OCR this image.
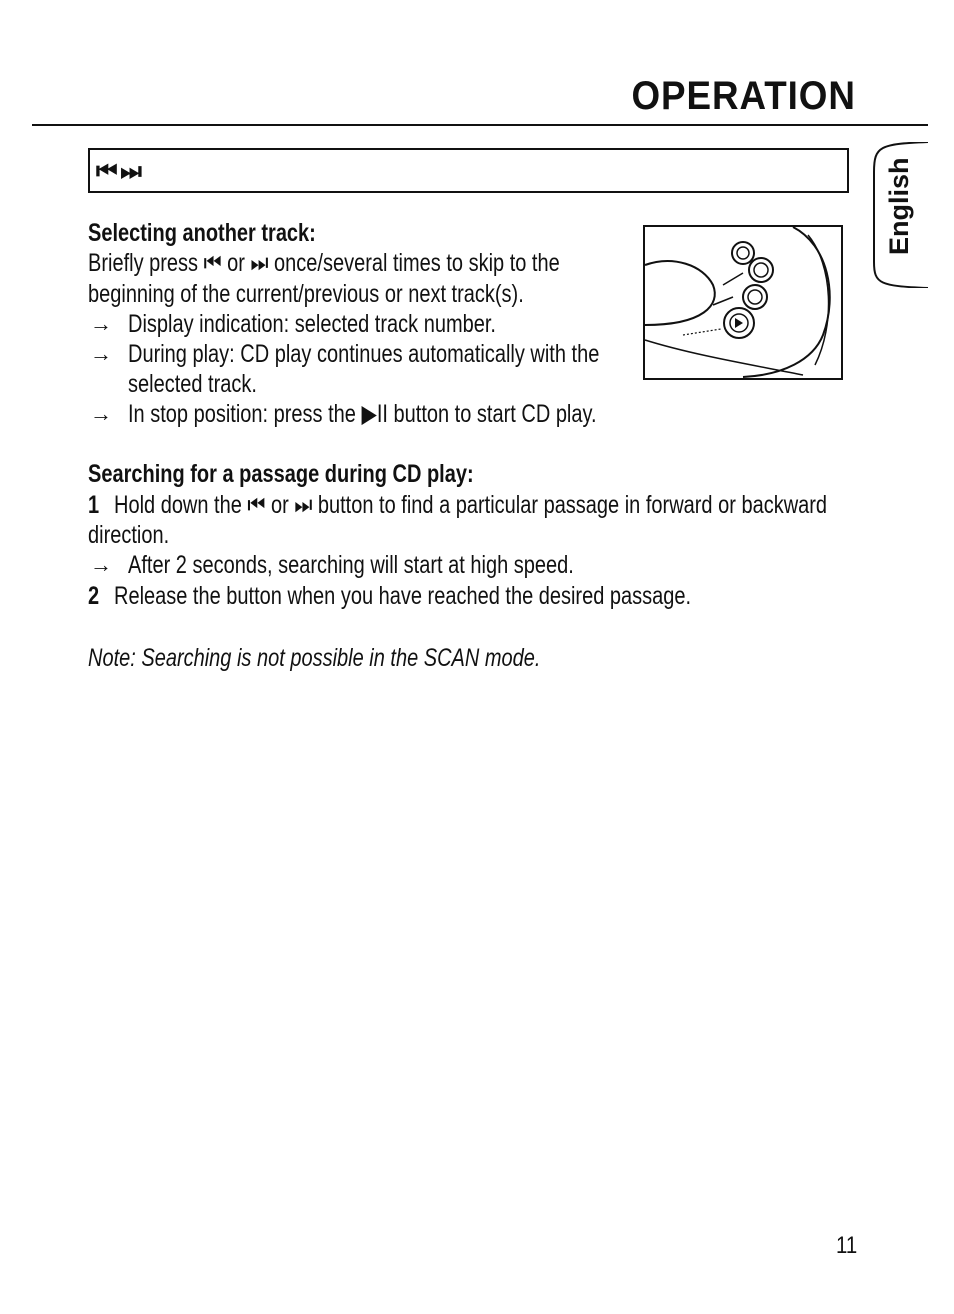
OPERATION
⏮ ⏭	English
Selecting another track:
Briefly press ⏮ or ⏭ once/several times to skip to the
beginning of the current/previous or next track(s).
→ Display indication: selected track number.
→ During play: CD play continues automatically with the
selected track.
→ In stop position: press the ▶II button to start CD play.
Searching for a passage during CD play:
1 Hold down the ⏮ or ⏭ button to find a particular passage in forward or backward
direction.
→ After 2 seconds, searching will start at high speed.
2 Release the button when you have reached the desired passage.
Note: Searching is not possible in the SCAN mode.
11
